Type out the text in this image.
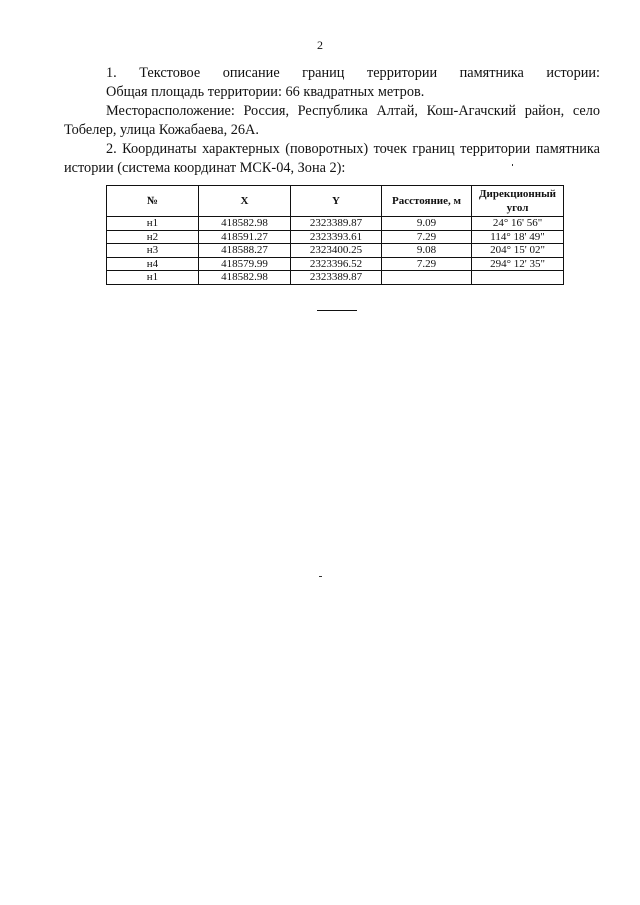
2

1. Текстовое описание границ территории памятника истории:

Общая площадь территории: 66 квадратных метров.

Месторасположение: Россия, Республика Алтай, Кош-Агачский район, село Тобелер, улица Кожабаева, 26А.

2. Координаты характерных (поворотных) точек границ территории памятника истории (система координат МСК-04, Зона 2):

№	X	Y	Расстояние, м	Дирекционный угол
н1	418582.98	2323389.87	9.09	24° 16' 56"
н2	418591.27	2323393.61	7.29	114° 18' 49"
н3	418588.27	2323400.25	9.08	204° 15' 02"
н4	418579.99	2323396.52	7.29	294° 12' 35"
н1	418582.98	2323389.87		
